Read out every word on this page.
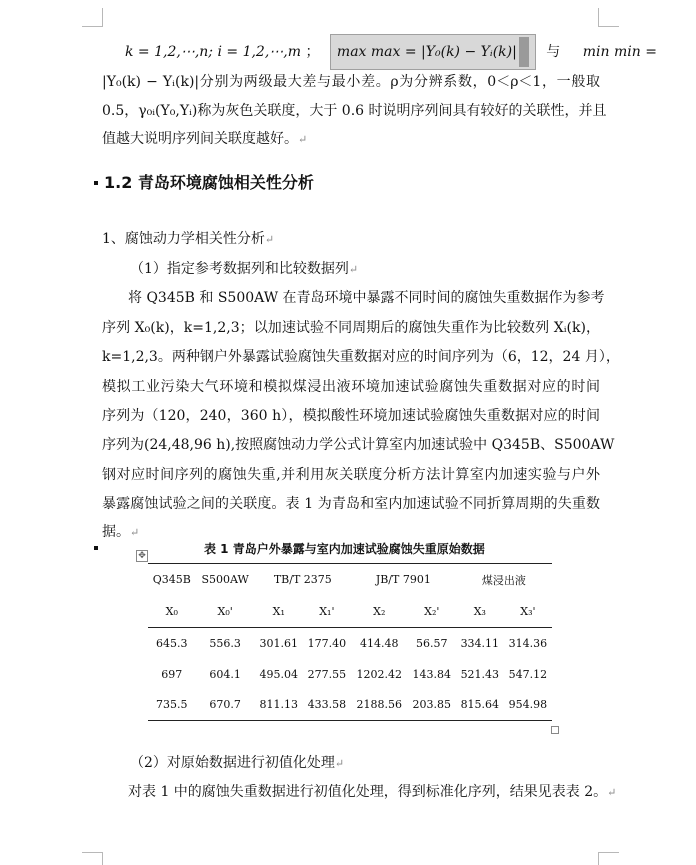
k = 1,2,⋯,n; i = 1,2,⋯,m ； max max = |Y₀(k) − Yᵢ(k)| 与 min min =
|Y₀(k) − Yᵢ(k)|分别为两级最大差与最小差。ρ为分辨系数，0＜ρ＜1，一般取
0.5，γ₀ᵢ(Y₀,Yᵢ)称为灰色关联度，大于 0.6 时说明序列间具有较好的关联性，并且
值越大说明序列间关联度越好。↵
1.2 青岛环境腐蚀相关性分析
1、腐蚀动力学相关性分析↵
（1）指定参考数据列和比较数据列↵
将 Q345B 和 S500AW 在青岛环境中暴露不同时间的腐蚀失重数据作为参考
序列 X₀(k)，k=1,2,3；以加速试验不同周期后的腐蚀失重作为比较数列 Xᵢ(k)，
k=1,2,3。两种钢户外暴露试验腐蚀失重数据对应的时间序列为（6，12，24 月），
模拟工业污染大气环境和模拟煤浸出液环境加速试验腐蚀失重数据对应的时间
序列为（120，240，360 h），模拟酸性环境加速试验腐蚀失重数据对应的时间
序列为(24,48,96 h),按照腐蚀动力学公式计算室内加速试验中 Q345B、S500AW
钢对应时间序列的腐蚀失重,并利用灰关联度分析方法计算室内加速实验与户外
暴露腐蚀试验之间的关联度。表 1 为青岛和室内加速试验不同折算周期的失重数
据。↵
✥	表 1 青岛户外暴露与室内加速试验腐蚀失重原始数据
Q345B	S500AW	TB/T 2375		JB/T 7901		煤浸出液	
X₀	X₀'	X₁	X₁'	X₂	X₂'	X₃	X₃'
645.3	556.3	301.61	177.40	414.48	56.57	334.11	314.36
697	604.1	495.04	277.55	1202.42	143.84	521.43	547.12
735.5	670.7	811.13	433.58	2188.56	203.85	815.64	954.98
（2）对原始数据进行初值化处理↵
对表 1 中的腐蚀失重数据进行初值化处理，得到标准化序列，结果见表表 2。↵
